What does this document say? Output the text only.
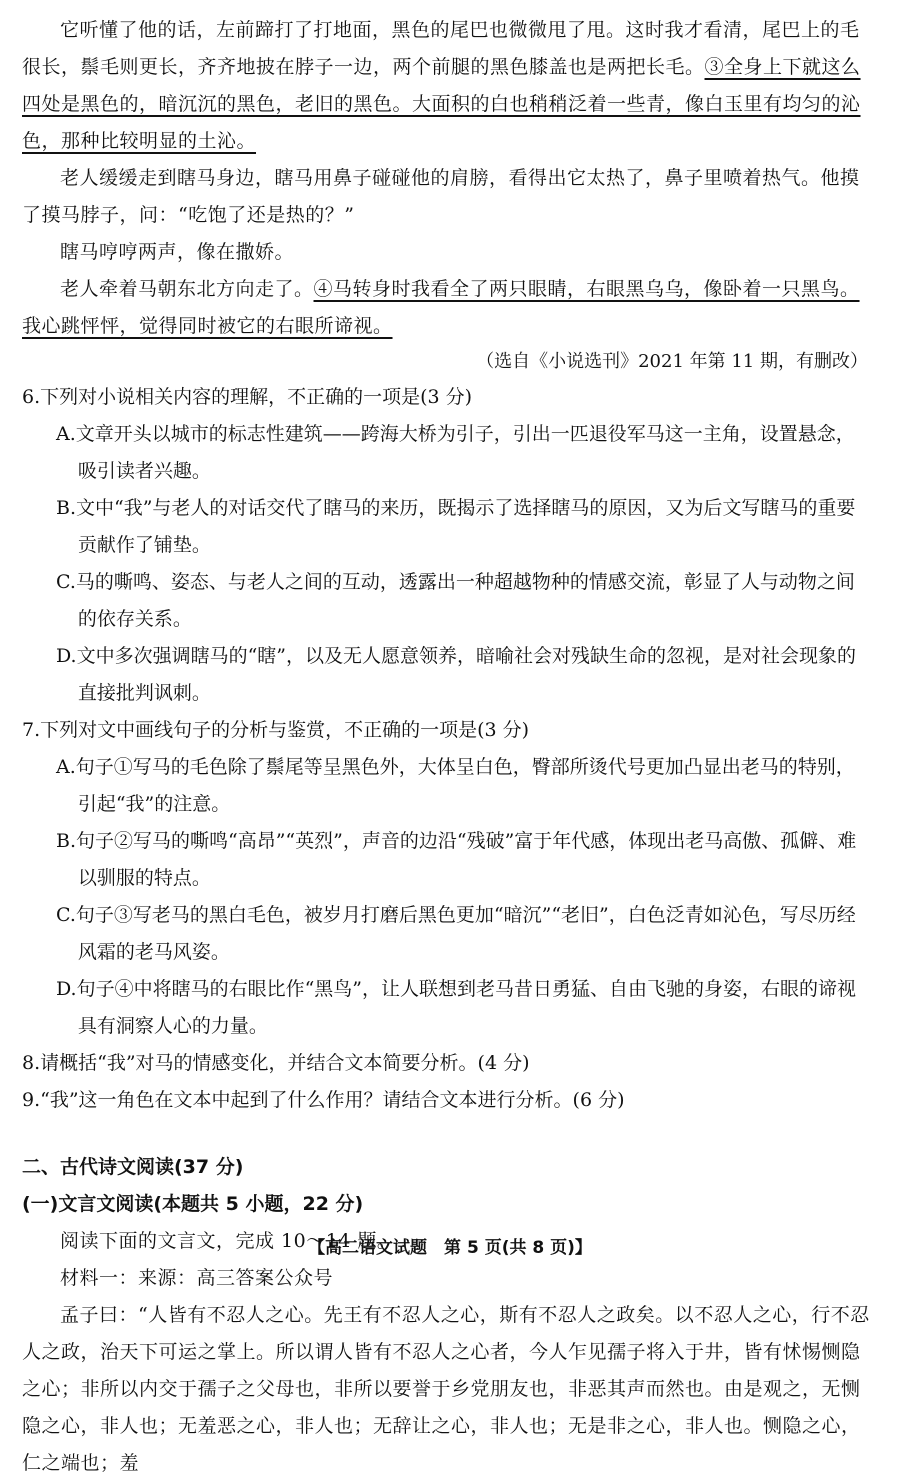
它听懂了他的话，左前蹄打了打地面，黑色的尾巴也微微甩了甩。这时我才看清，尾巴上的毛很长，鬃毛则更长，齐齐地披在脖子一边，两个前腿的黑色膝盖也是两把长毛。③全身上下就这么四处是黑色的，暗沉沉的黑色，老旧的黑色。大面积的白也稍稍泛着一些青，像白玉里有均匀的沁色，那种比较明显的土沁。

老人缓缓走到瞎马身边，瞎马用鼻子碰碰他的肩膀，看得出它太热了，鼻子里喷着热气。他摸了摸马脖子，问：“吃饱了还是热的？”

瞎马哼哼两声，像在撒娇。

老人牵着马朝东北方向走了。④马转身时我看全了两只眼睛，右眼黑乌乌，像卧着一只黑鸟。我心跳怦怦，觉得同时被它的右眼所谛视。

（选自《小说选刊》2021 年第 11 期，有删改）

6.下列对小说相关内容的理解，不正确的一项是(3 分)

A.文章开头以城市的标志性建筑——跨海大桥为引子，引出一匹退役军马这一主角，设置悬念，吸引读者兴趣。

B.文中“我”与老人的对话交代了瞎马的来历，既揭示了选择瞎马的原因，又为后文写瞎马的重要贡献作了铺垫。

C.马的嘶鸣、姿态、与老人之间的互动，透露出一种超越物种的情感交流，彰显了人与动物之间的依存关系。

D.文中多次强调瞎马的“瞎”，以及无人愿意领养，暗喻社会对残缺生命的忽视，是对社会现象的直接批判讽刺。

7.下列对文中画线句子的分析与鉴赏，不正确的一项是(3 分)

A.句子①写马的毛色除了鬃尾等呈黑色外，大体呈白色，臀部所烫代号更加凸显出老马的特别，引起“我”的注意。

B.句子②写马的嘶鸣“高昂”“英烈”，声音的边沿“残破”富于年代感，体现出老马高傲、孤僻、难以驯服的特点。

C.句子③写老马的黑白毛色，被岁月打磨后黑色更加“暗沉”“老旧”，白色泛青如沁色，写尽历经风霜的老马风姿。

D.句子④中将瞎马的右眼比作“黑鸟”，让人联想到老马昔日勇猛、自由飞驰的身姿，右眼的谛视具有洞察人心的力量。

8.请概括“我”对马的情感变化，并结合文本简要分析。(4 分)

9.“我”这一角色在文本中起到了什么作用？请结合文本进行分析。(6 分)

二、古代诗文阅读(37 分)

(一)文言文阅读(本题共 5 小题，22 分)

阅读下面的文言文，完成 10～14 题。

材料一：来源：高三答案公众号

孟子曰：“人皆有不忍人之心。先王有不忍人之心，斯有不忍人之政矣。以不忍人之心，行不忍人之政，治天下可运之掌上。所以谓人皆有不忍人之心者，今人乍见孺子将入于井，皆有怵惕恻隐之心；非所以内交于孺子之父母也，非所以要誉于乡党朋友也，非恶其声而然也。由是观之，无恻隐之心，非人也；无羞恶之心，非人也；无辞让之心，非人也；无是非之心，非人也。恻隐之心，仁之端也；羞

【高二语文试题　第 5 页(共 8 页)】
